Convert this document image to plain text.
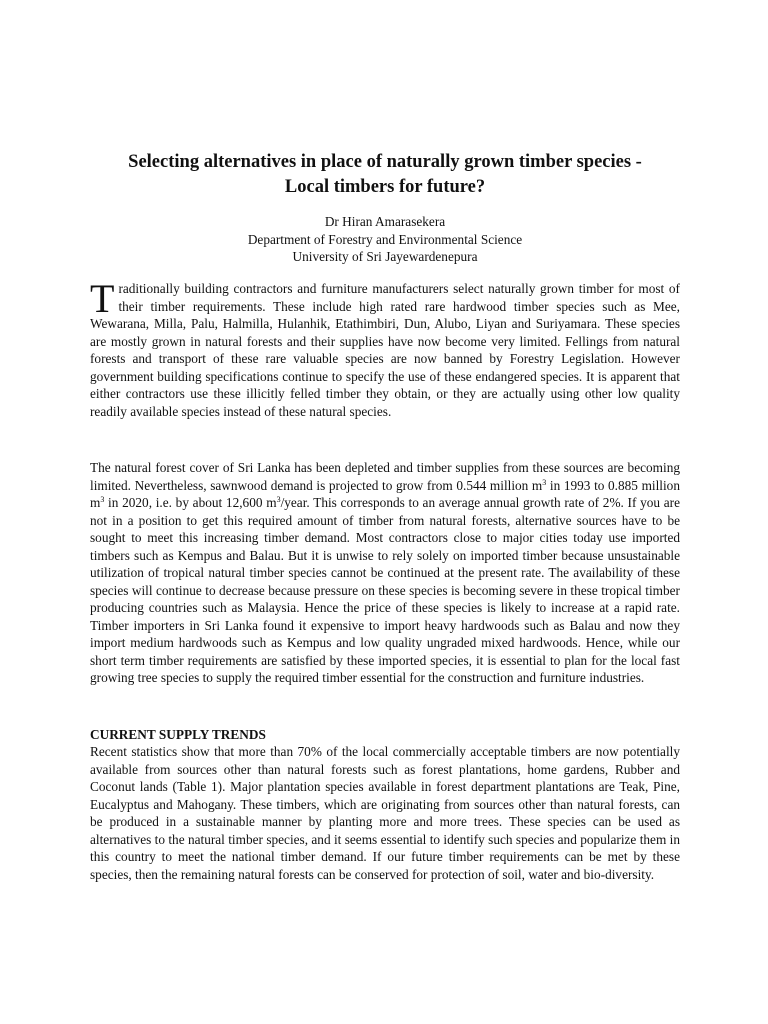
Selecting alternatives in place of naturally grown timber species -
Local timbers for future?
Dr Hiran Amarasekera
Department of Forestry and Environmental Science
University of Sri Jayewardenepura

Traditionally building contractors and furniture manufacturers select naturally grown timber for most of their timber requirements. These include high rated rare hardwood timber species such as Mee, Wewarana, Milla, Palu, Halmilla, Hulanhik, Etathimbiri, Dun, Alubo, Liyan and Suriyamara. These species are mostly grown in natural forests and their supplies have now become very limited. Fellings from natural forests and transport of these rare valuable species are now banned by Forestry Legislation. However government building specifications continue to specify the use of these endangered species. It is apparent that either contractors use these illicitly felled timber they obtain, or they are actually using other low quality readily available species instead of these natural species.

The natural forest cover of Sri Lanka has been depleted and timber supplies from these sources are becoming limited. Nevertheless, sawnwood demand is projected to grow from 0.544 million $m^3$ in 1993 to 0.885 million $m^3$ in 2020, i.e. by about 12,600 $m^3$/year. This corresponds to an average annual growth rate of 2%. If you are not in a position to get this required amount of timber from natural forests, alternative sources have to be sought to meet this increasing timber demand. Most contractors close to major cities today use imported timbers such as Kempus and Balau. But it is unwise to rely solely on imported timber because unsustainable utilization of tropical natural timber species cannot be continued at the present rate. The availability of these species will continue to decrease because pressure on these species is becoming severe in these tropical timber producing countries such as Malaysia. Hence the price of these species is likely to increase at a rapid rate. Timber importers in Sri Lanka found it expensive to import heavy hardwoods such as Balau and now they import medium hardwoods such as Kempus and low quality ungraded mixed hardwoods. Hence, while our short term timber requirements are satisfied by these imported species, it is essential to plan for the local fast growing tree species to supply the required timber essential for the construction and furniture industries.

CURRENT SUPPLY TRENDS

Recent statistics show that more than 70% of the local commercially acceptable timbers are now potentially available from sources other than natural forests such as forest plantations, home gardens, Rubber and Coconut lands (Table 1). Major plantation species available in forest department plantations are Teak, Pine, Eucalyptus and Mahogany. These timbers, which are originating from sources other than natural forests, can be produced in a sustainable manner by planting more and more trees. These species can be used as alternatives to the natural timber species, and it seems essential to identify such species and popularize them in this country to meet the national timber demand. If our future timber requirements can be met by these species, then the remaining natural forests can be conserved for protection of soil, water and bio-diversity.
